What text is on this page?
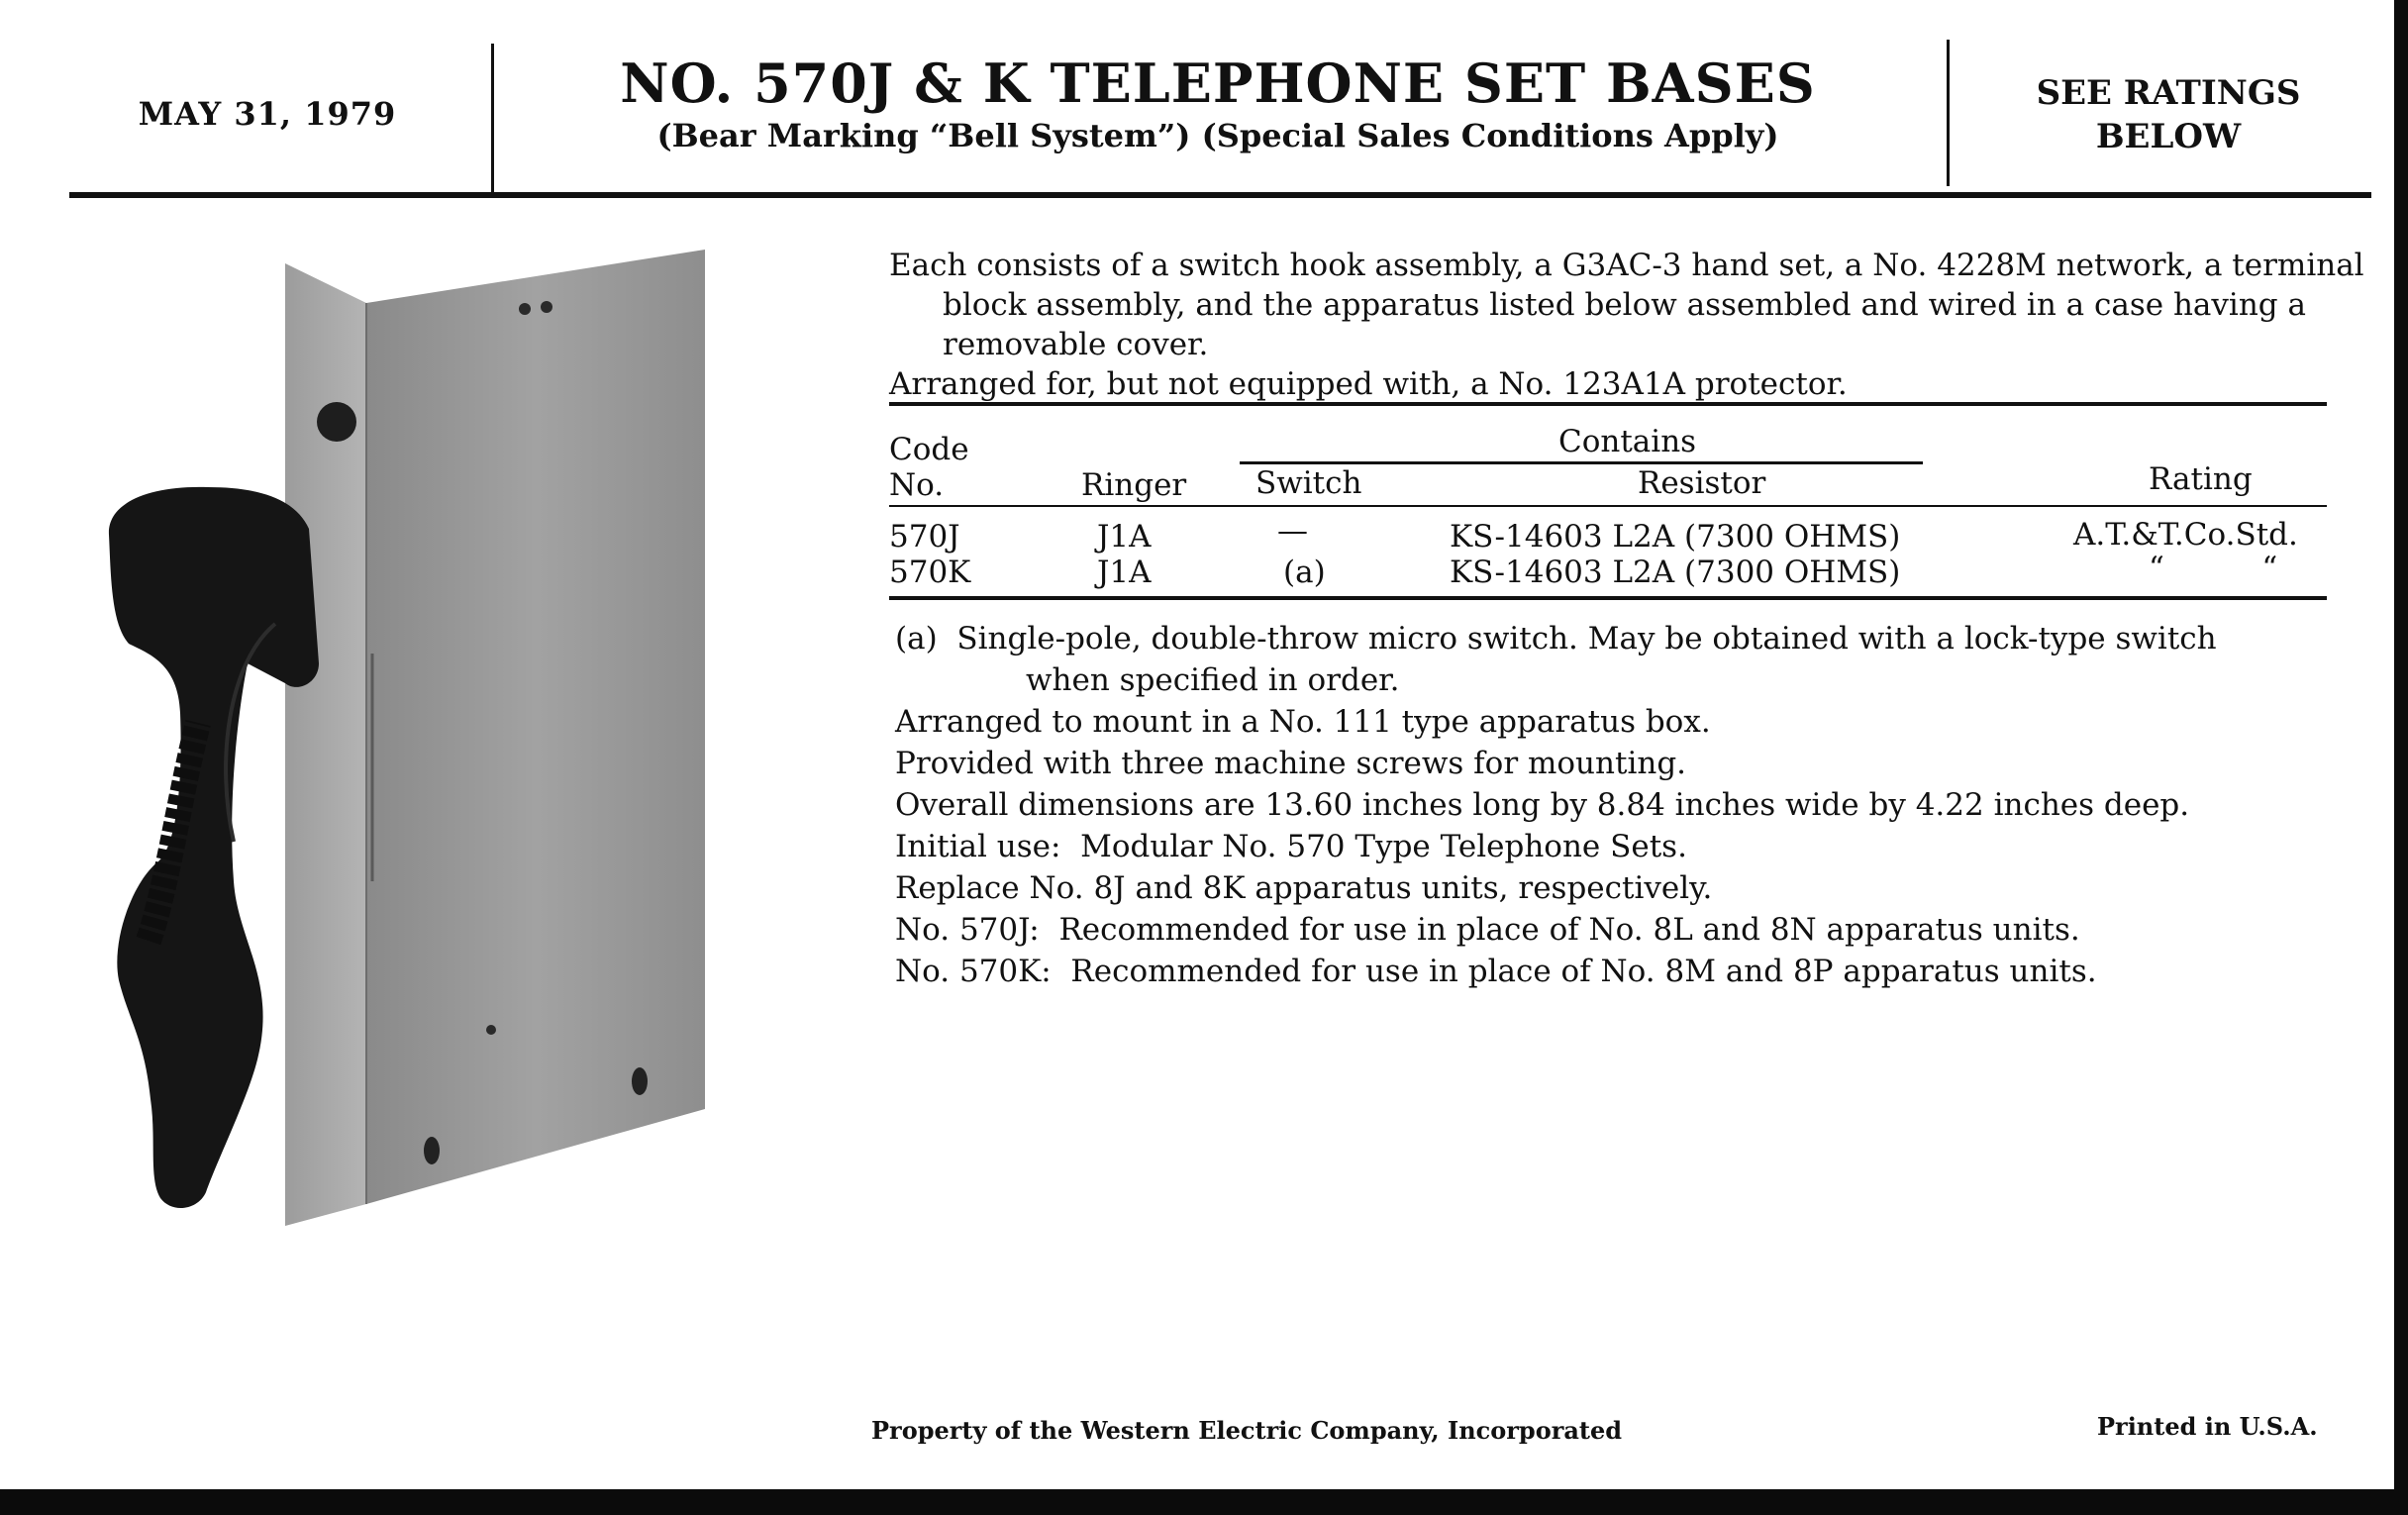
MAY 31, 1979	NO. 570J & K TELEPHONE SET BASES
(Bear Marking “Bell System”) (Special Sales Conditions Apply)
SEE RATINGS
BELOW
Each consists of a switch hook assembly, a G3AC-3 hand set, a No. 4228M network, a terminal block assembly, and the apparatus listed below assembled and wired in a case having a removable cover.
Arranged for, but not equipped with, a No. 123A1A protector.
Code
No.	Ringer
Contains
Switch	Resistor	Rating
570J	J1A	—	KS-14603 L2A (7300 OHMS)	A.T.&T.Co.Std.
570K	J1A	(a)	KS-14603 L2A (7300 OHMS)	“          “
(a)  Single-pole, double-throw micro switch. May be obtained with a lock-type switch
when specified in order.
Arranged to mount in a No. 111 type apparatus box.
Provided with three machine screws for mounting.
Overall dimensions are 13.60 inches long by 8.84 inches wide by 4.22 inches deep.
Initial use:  Modular No. 570 Type Telephone Sets.
Replace No. 8J and 8K apparatus units, respectively.
No. 570J:  Recommended for use in place of No. 8L and 8N apparatus units.
No. 570K:  Recommended for use in place of No. 8M and 8P apparatus units.
Property of the Western Electric Company, Incorporated	Printed in U.S.A.
